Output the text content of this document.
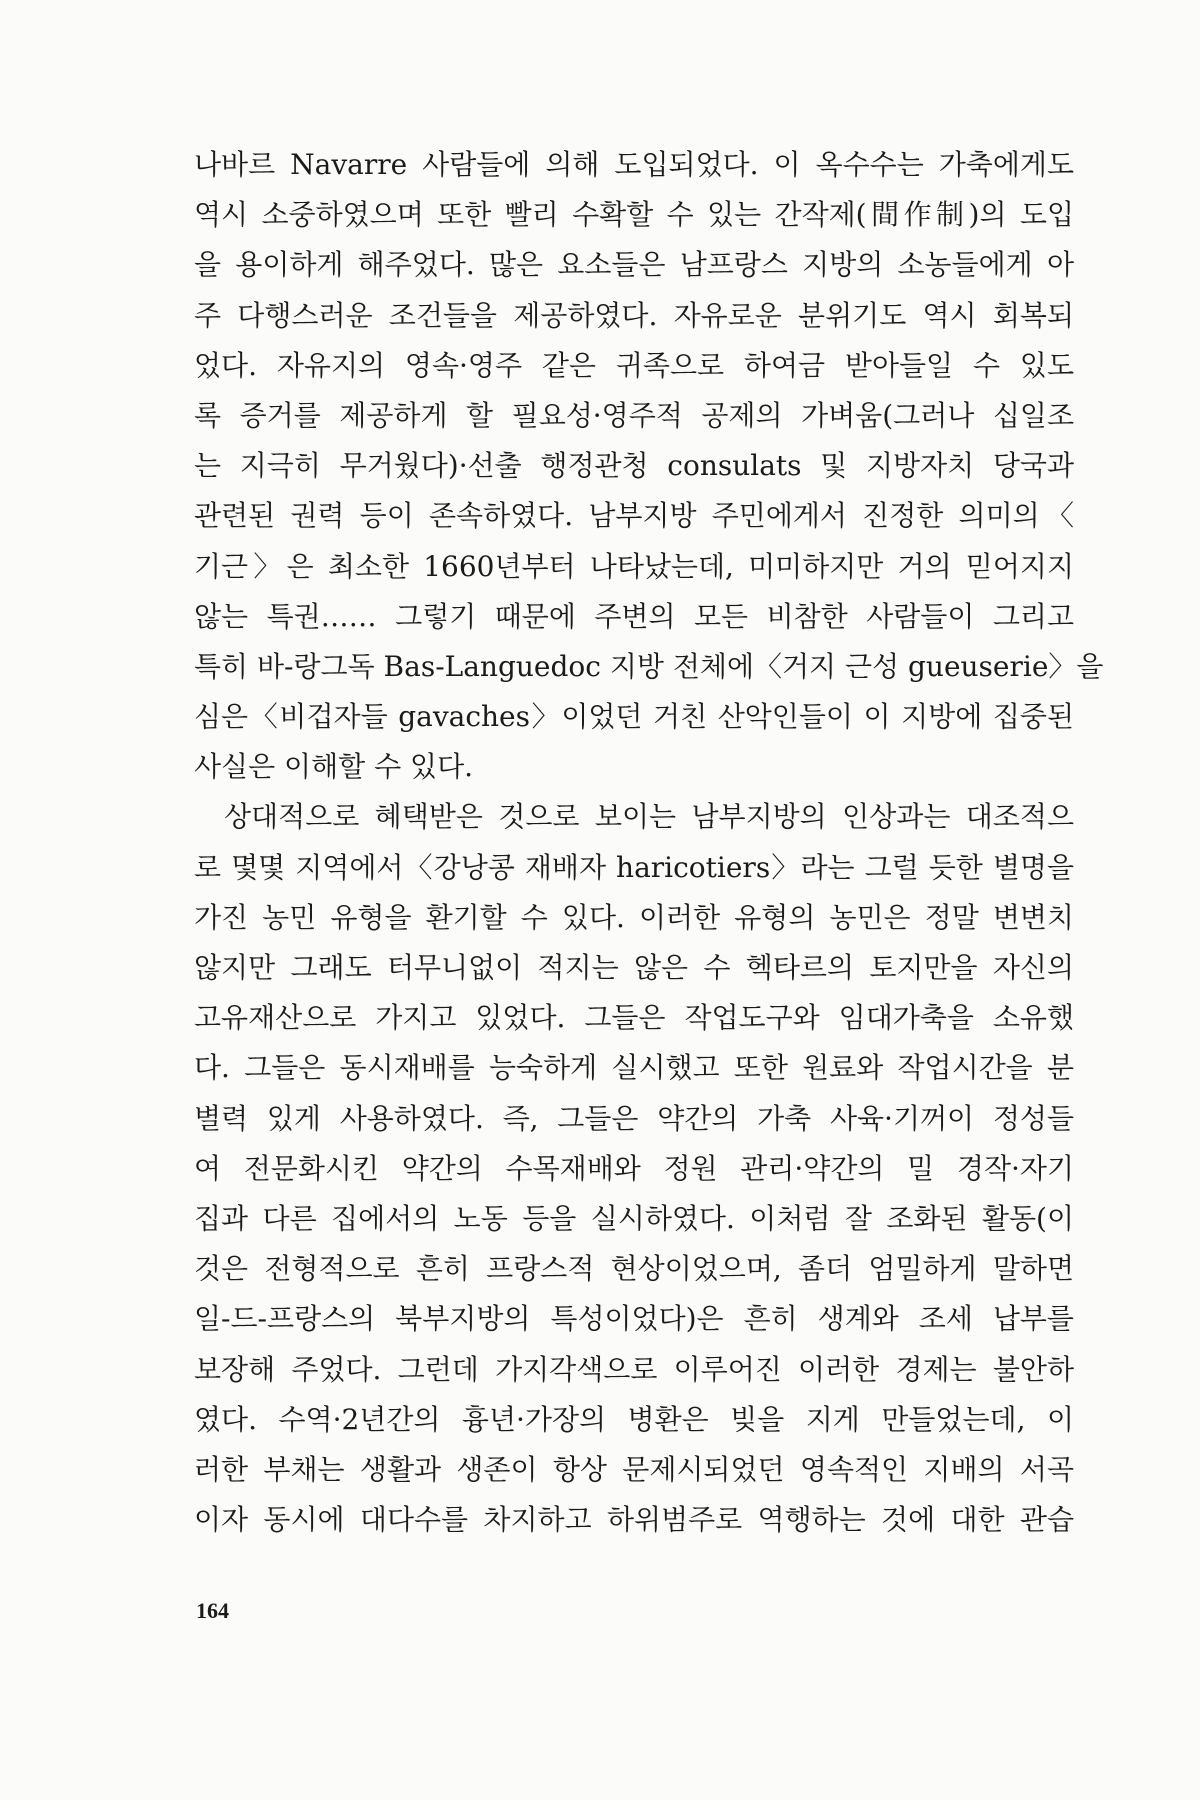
나바르 Navarre 사람들에 의해 도입되었다. 이 옥수수는 가축에게도
역시 소중하였으며 또한 빨리 수확할 수 있는 간작제(間作制)의 도입
을 용이하게 해주었다. 많은 요소들은 남프랑스 지방의 소농들에게 아
주 다행스러운 조건들을 제공하였다. 자유로운 분위기도 역시 회복되
었다. 자유지의 영속·영주 같은 귀족으로 하여금 받아들일 수 있도
록 증거를 제공하게 할 필요성·영주적 공제의 가벼움(그러나 십일조
는 지극히 무거웠다)·선출 행정관청 consulats 및 지방자치 당국과
관련된 권력 등이 존속하였다. 남부지방 주민에게서 진정한 의미의〈
기근〉은 최소한 1660년부터 나타났는데, 미미하지만 거의 믿어지지
않는 특권…… 그렇기 때문에 주변의 모든 비참한 사람들이 그리고
특히 바-랑그독 Bas-Languedoc 지방 전체에〈거지 근성 gueuserie〉을
심은〈비겁자들 gavaches〉이었던 거친 산악인들이 이 지방에 집중된
사실은 이해할 수 있다.
상대적으로 혜택받은 것으로 보이는 남부지방의 인상과는 대조적으
로 몇몇 지역에서〈강낭콩 재배자 haricotiers〉라는 그럴 듯한 별명을
가진 농민 유형을 환기할 수 있다. 이러한 유형의 농민은 정말 변변치
않지만 그래도 터무니없이 적지는 않은 수 헥타르의 토지만을 자신의
고유재산으로 가지고 있었다. 그들은 작업도구와 임대가축을 소유했
다. 그들은 동시재배를 능숙하게 실시했고 또한 원료와 작업시간을 분
별력 있게 사용하였다. 즉, 그들은 약간의 가축 사육·기꺼이 정성들
여 전문화시킨 약간의 수목재배와 정원 관리·약간의 밀 경작·자기
집과 다른 집에서의 노동 등을 실시하였다. 이처럼 잘 조화된 활동(이
것은 전형적으로 흔히 프랑스적 현상이었으며, 좀더 엄밀하게 말하면
일-드-프랑스의 북부지방의 특성이었다)은 흔히 생계와 조세 납부를
보장해 주었다. 그런데 가지각색으로 이루어진 이러한 경제는 불안하
였다. 수역·2년간의 흉년·가장의 병환은 빚을 지게 만들었는데, 이
러한 부채는 생활과 생존이 항상 문제시되었던 영속적인 지배의 서곡
이자 동시에 대다수를 차지하고 하위범주로 역행하는 것에 대한 관습
164
